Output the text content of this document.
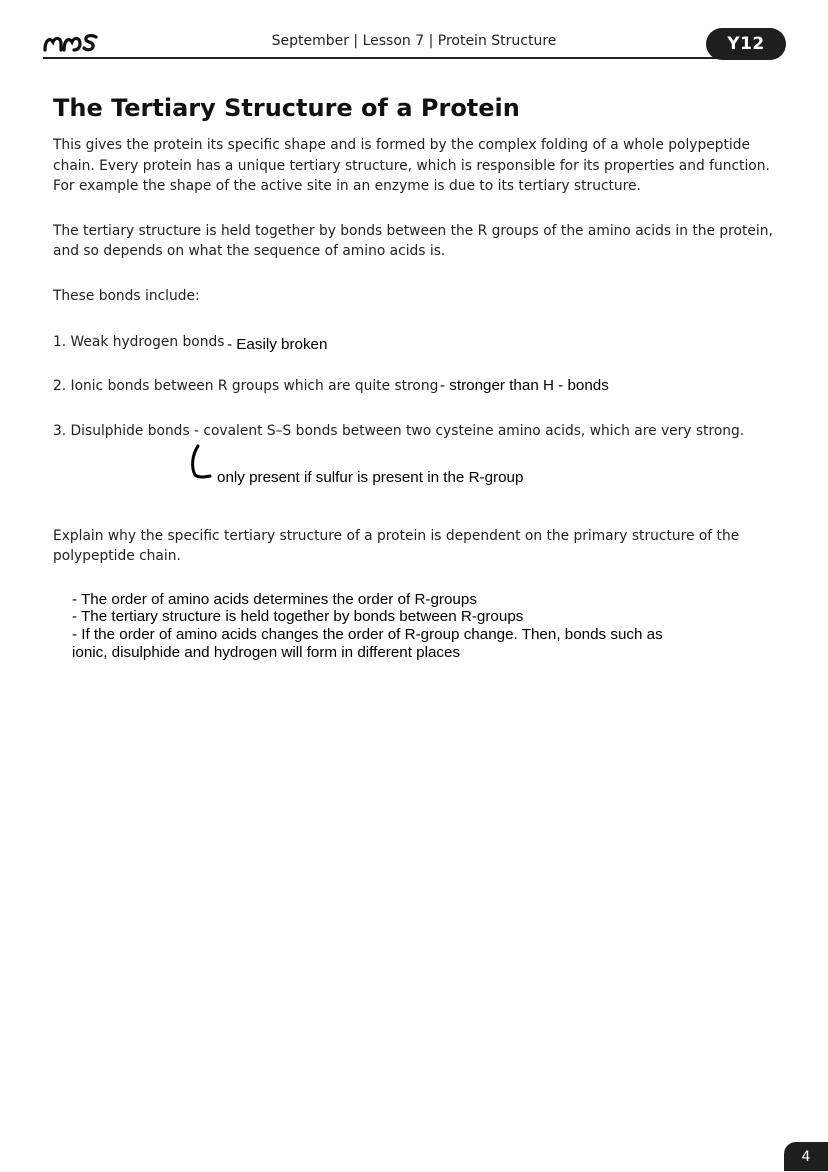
September | Lesson 7 | Protein Structure	Y12
The Tertiary Structure of a Protein
This gives the protein its specific shape and is formed by the complex folding of a whole polypeptide
chain. Every protein has a unique tertiary structure, which is responsible for its properties and function.
For example the shape of the active site in an enzyme is due to its tertiary structure.
The tertiary structure is held together by bonds between the R groups of the amino acids in the protein,
and so depends on what the sequence of amino acids is.
These bonds include:
1. Weak hydrogen bonds - Easily broken
2. Ionic bonds between R groups which are quite strong - stronger than H - bonds
3. Disulphide bonds - covalent S–S bonds between two cysteine amino acids, which are very strong.
only present if sulfur is present in the R-group
Explain why the specific tertiary structure of a protein is dependent on the primary structure of the
polypeptide chain.
- The order of amino acids determines the order of R-groups
- The tertiary structure is held together by bonds between R-groups
- If the order of amino acids changes the order of R-group change. Then, bonds such as
ionic, disulphide and hydrogen will form in different places
4
